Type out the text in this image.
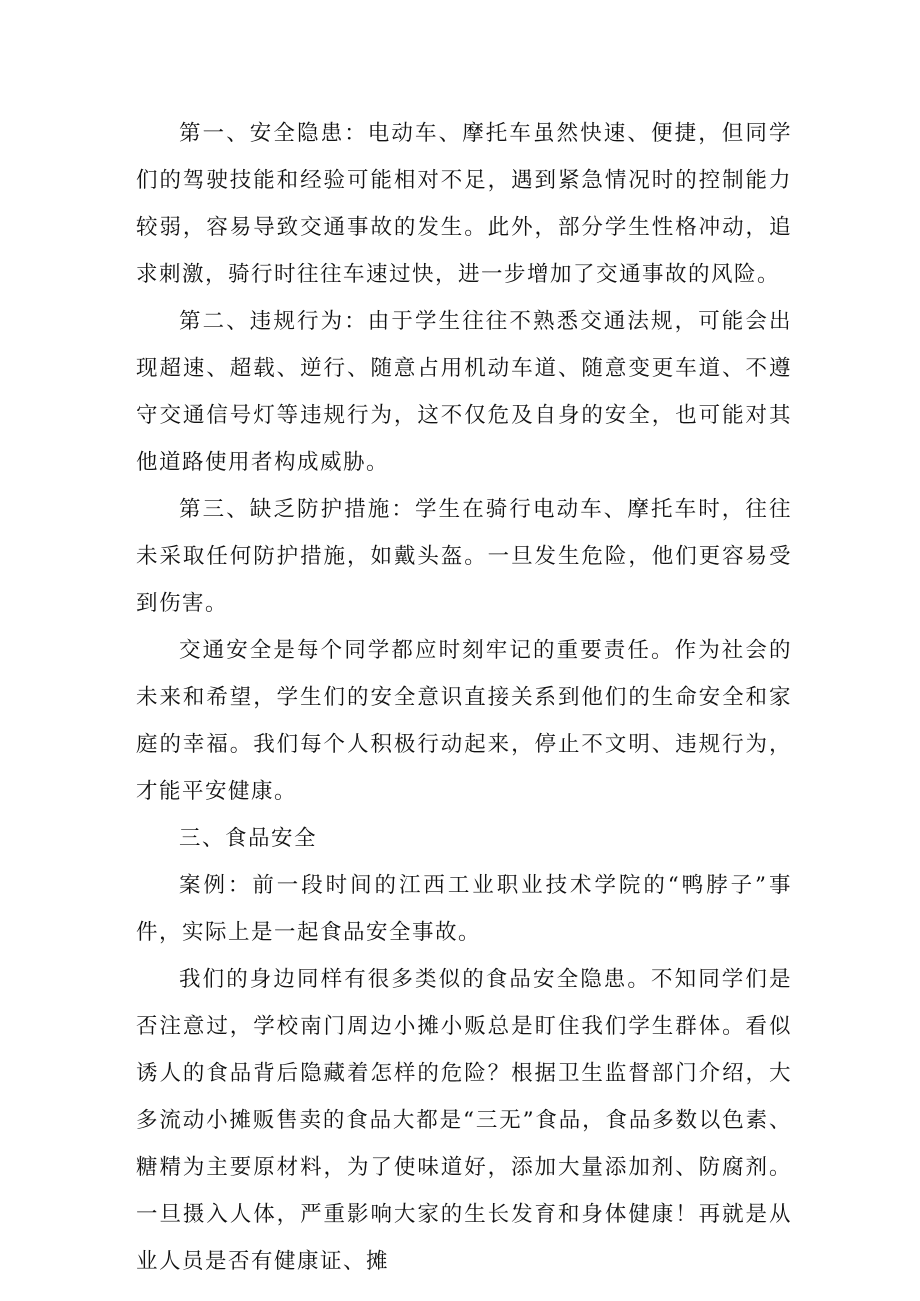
第一、安全隐患：电动车、摩托车虽然快速、便捷，但同学们的驾驶技能和经验可能相对不足，遇到紧急情况时的控制能力较弱，容易导致交通事故的发生。此外，部分学生性格冲动，追求刺激，骑行时往往车速过快，进一步增加了交通事故的风险。

第二、违规行为：由于学生往往不熟悉交通法规，可能会出现超速、超载、逆行、随意占用机动车道、随意变更车道、不遵守交通信号灯等违规行为，这不仅危及自身的安全，也可能对其他道路使用者构成威胁。

第三、缺乏防护措施：学生在骑行电动车、摩托车时，往往未采取任何防护措施，如戴头盔。一旦发生危险，他们更容易受到伤害。

交通安全是每个同学都应时刻牢记的重要责任。作为社会的未来和希望，学生们的安全意识直接关系到他们的生命安全和家庭的幸福。我们每个人积极行动起来，停止不文明、违规行为，才能平安健康。

三、食品安全

案例：前一段时间的江西工业职业技术学院的“鸭脖子”事件，实际上是一起食品安全事故。

我们的身边同样有很多类似的食品安全隐患。不知同学们是否注意过，学校南门周边小摊小贩总是盯住我们学生群体。看似诱人的食品背后隐藏着怎样的危险？根据卫生监督部门介绍，大多流动小摊贩售卖的食品大都是“三无”食品，食品多数以色素、糖精为主要原材料，为了使味道好，添加大量添加剂、防腐剂。一旦摄入人体，严重影响大家的生长发育和身体健康！再就是从业人员是否有健康证、摊
